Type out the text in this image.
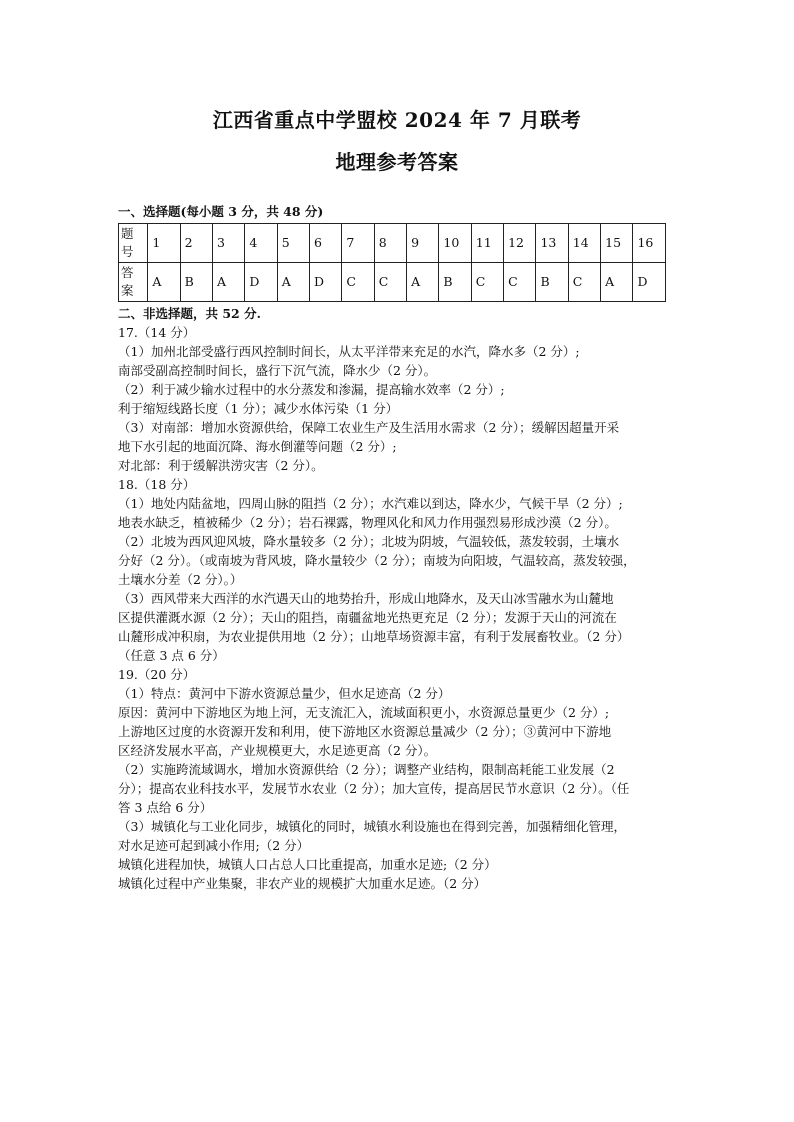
江西省重点中学盟校 2024 年 7 月联考
地理参考答案
一、选择题(每小题 3 分，共 48 分)
题
号	1	2	3	4	5	6	7	8	9	10	11	12	13	14	15	16

答
案	A	B	A	D	A	D	C	C	A	B	C	C	B	C	A	D
二、非选择题，共 52 分.
17.（14 分）
（1）加州北部受盛行西风控制时间长，从太平洋带来充足的水汽，降水多（2 分）;
南部受副高控制时间长，盛行下沉气流，降水少（2 分）。
（2）利于减少输水过程中的水分蒸发和渗漏，提高输水效率（2 分）;
利于缩短线路长度（1 分）；减少水体污染（1 分）
（3）对南部：增加水资源供给，保障工农业生产及生活用水需求（2 分）；缓解因超量开采
地下水引起的地面沉降、海水倒灌等问题（2 分）;
对北部：利于缓解洪涝灾害（2 分）。
18.（18 分）
（1）地处内陆盆地，四周山脉的阻挡（2 分）；水汽难以到达，降水少，气候干旱（2 分）;
地表水缺乏，植被稀少（2 分）；岩石裸露，物理风化和风力作用强烈易形成沙漠（2 分）。
（2）北坡为西风迎风坡，降水量较多（2 分）；北坡为阴坡，气温较低，蒸发较弱，土壤水
分好（2 分）。（或南坡为背风坡，降水量较少（2 分）；南坡为向阳坡，气温较高，蒸发较强，
土壤水分差（2 分）。）
（3）西风带来大西洋的水汽遇天山的地势抬升，形成山地降水，及天山冰雪融水为山麓地
区提供灌溉水源（2 分）；天山的阻挡，南疆盆地光热更充足（2 分）；发源于天山的河流在
山麓形成冲积扇，为农业提供用地（2 分）；山地草场资源丰富，有利于发展畜牧业。（2 分）
（任意 3 点 6 分）
19.（20 分）
（1）特点：黄河中下游水资源总量少，但水足迹高（2 分）
原因：黄河中下游地区为地上河，无支流汇入，流域面积更小，水资源总量更少（2 分）;
上游地区过度的水资源开发和利用，使下游地区水资源总量减少（2 分）；③黄河中下游地
区经济发展水平高，产业规模更大，水足迹更高（2 分）。
（2）实施跨流域调水，增加水资源供给（2 分）；调整产业结构，限制高耗能工业发展（2
分）；提高农业科技水平，发展节水农业（2 分）；加大宣传，提高居民节水意识（2 分）。（任
答 3 点给 6 分）
（3）城镇化与工业化同步，城镇化的同时，城镇水利设施也在得到完善，加强精细化管理，
对水足迹可起到减小作用;（2 分）
城镇化进程加快，城镇人口占总人口比重提高，加重水足迹;（2 分）
城镇化过程中产业集聚，非农产业的规模扩大加重水足迹。（2 分）
